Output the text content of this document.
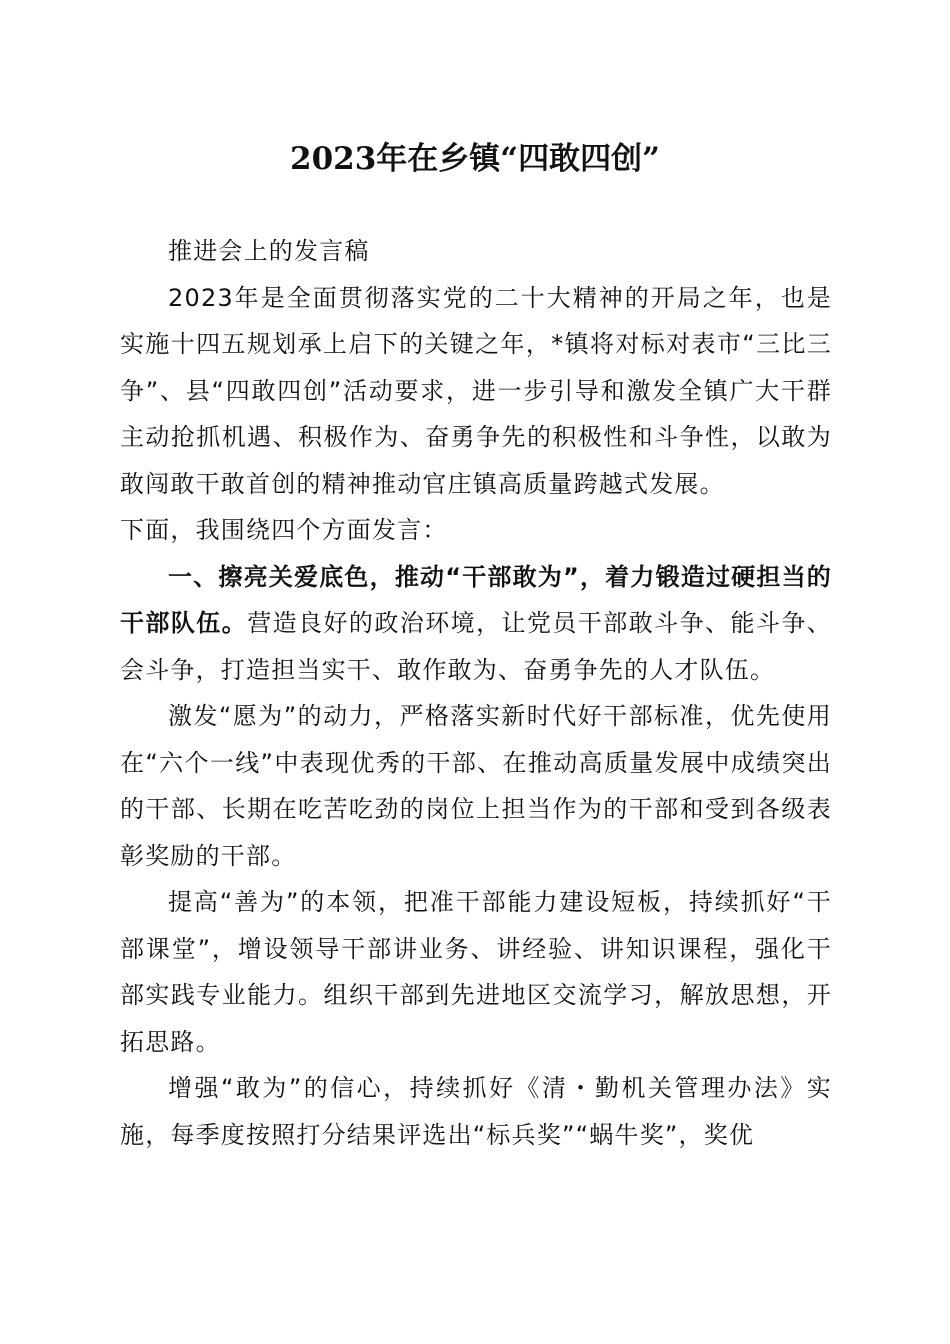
2023年在乡镇“四敢四创”

推进会上的发言稿

2023年是全面贯彻落实党的二十大精神的开局之年，也是实施十四五规划承上启下的关键之年，*镇将对标对表市“三比三争”、县“四敢四创”活动要求，进一步引导和激发全镇广大干群主动抢抓机遇、积极作为、奋勇争先的积极性和斗争性，以敢为敢闯敢干敢首创的精神推动官庄镇高质量跨越式发展。

下面，我围绕四个方面发言：

一、擦亮关爱底色，推动“干部敢为”，着力锻造过硬担当的干部队伍。营造良好的政治环境，让党员干部敢斗争、能斗争、会斗争，打造担当实干、敢作敢为、奋勇争先的人才队伍。

激发“愿为”的动力，严格落实新时代好干部标准，优先使用在“六个一线”中表现优秀的干部、在推动高质量发展中成绩突出的干部、长期在吃苦吃劲的岗位上担当作为的干部和受到各级表彰奖励的干部。

提高“善为”的本领，把准干部能力建设短板，持续抓好“干部课堂”，增设领导干部讲业务、讲经验、讲知识课程，强化干部实践专业能力。组织干部到先进地区交流学习，解放思想，开拓思路。

增强“敢为”的信心，持续抓好《清・勤机关管理办法》实施，每季度按照打分结果评选出“标兵奖”“蜗牛奖”，奖优
